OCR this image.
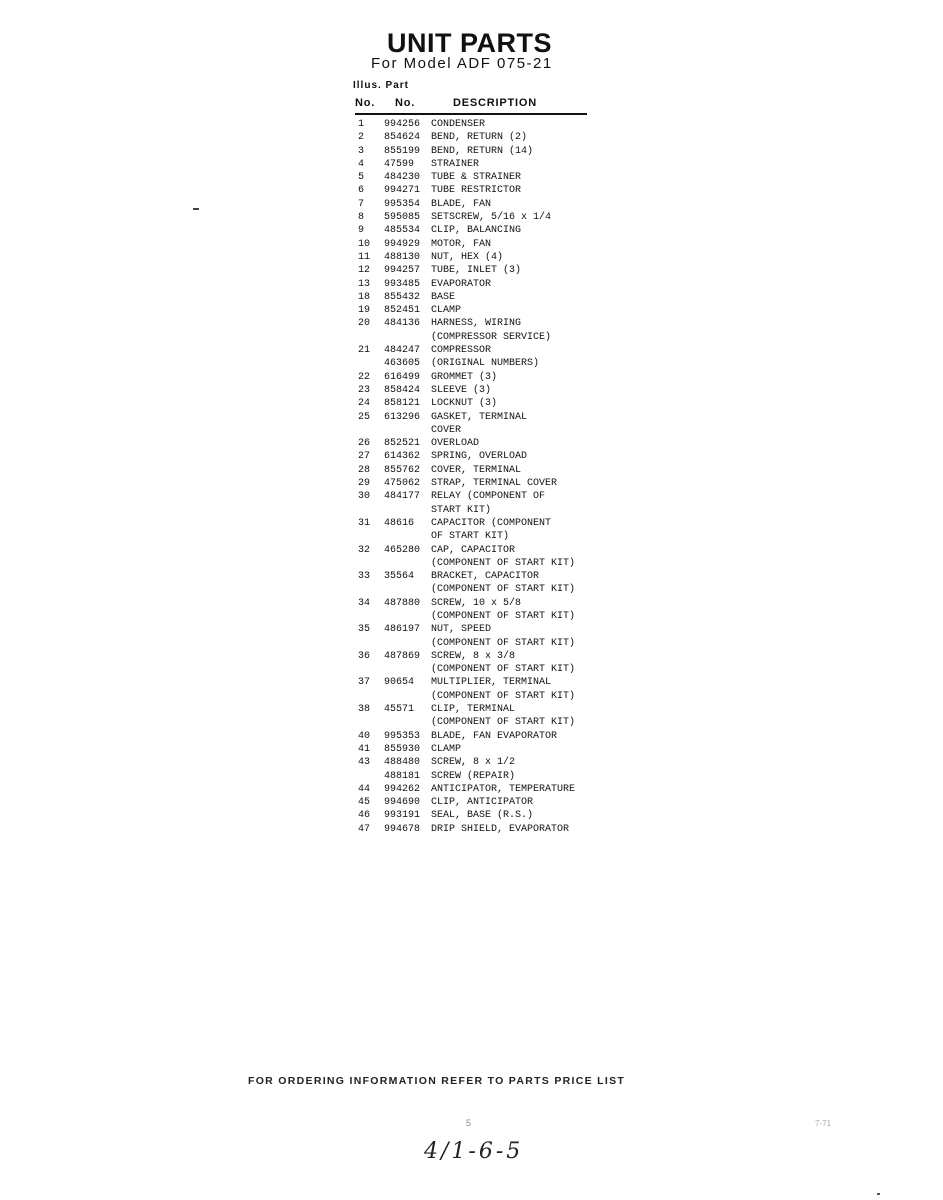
UNIT PARTS
For Model ADF 075-21
Illus. Part
No. No.	DESCRIPTION
1 994256 CONDENSER
2 854624 BEND, RETURN (2)
3 855199 BEND, RETURN (14)
4 47599 STRAINER
5 484230 TUBE & STRAINER
6 994271 TUBE RESTRICTOR
7 995354 BLADE, FAN
8 595085 SETSCREW, 5/16 x 1/4
9 485534 CLIP, BALANCING
10 994929 MOTOR, FAN
11 488130 NUT, HEX (4)
12 994257 TUBE, INLET (3)
13 993485 EVAPORATOR
18 855432 BASE
19 852451 CLAMP
20 484136 HARNESS, WIRING
(COMPRESSOR SERVICE)
21 484247 COMPRESSOR
463605 (ORIGINAL NUMBERS)
22 616499 GROMMET (3)
23 858424 SLEEVE (3)
24 858121 LOCKNUT (3)
25 613296 GASKET, TERMINAL
COVER
26 852521 OVERLOAD
27 614362 SPRING, OVERLOAD
28 855762 COVER, TERMINAL
29 475062 STRAP, TERMINAL COVER
30 484177 RELAY (COMPONENT OF
START KIT)
31 48616 CAPACITOR (COMPONENT
OF START KIT)
32 465280 CAP, CAPACITOR
(COMPONENT OF START KIT)
33 35564 BRACKET, CAPACITOR
(COMPONENT OF START KIT)
34 487880 SCREW, 10 x 5/8
(COMPONENT OF START KIT)
35 486197 NUT, SPEED
(COMPONENT OF START KIT)
36 487869 SCREW, 8 x 3/8
(COMPONENT OF START KIT)
37 90654 MULTIPLIER, TERMINAL
(COMPONENT OF START KIT)
38 45571 CLIP, TERMINAL
(COMPONENT OF START KIT)
40 995353 BLADE, FAN EVAPORATOR
41 855930 CLAMP
43 488480 SCREW, 8 x 1/2
488181 SCREW (REPAIR)
44 994262 ANTICIPATOR, TEMPERATURE
45 994690 CLIP, ANTICIPATOR
46 993191 SEAL, BASE (R.S.)
47 994678 DRIP SHIELD, EVAPORATOR
FOR ORDERING INFORMATION REFER TO PARTS PRICE LIST
5	7-71
4/1-6-5
